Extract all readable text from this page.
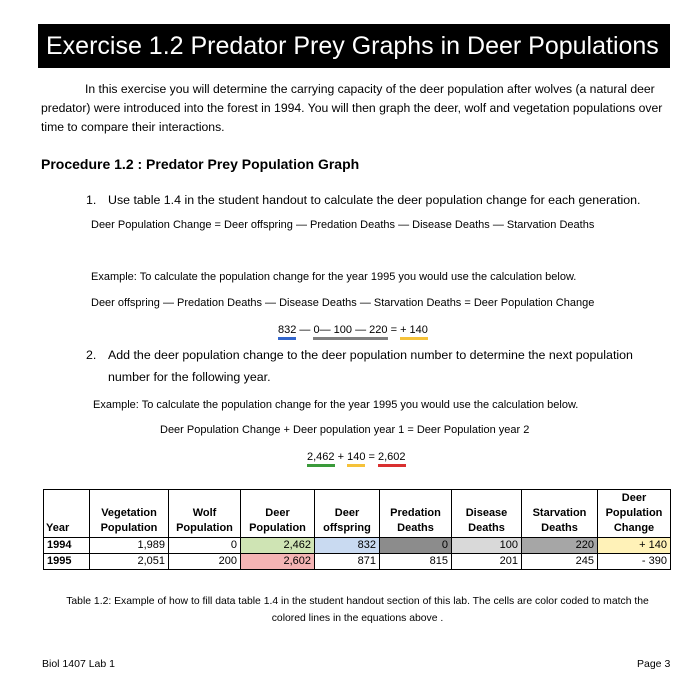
Exercise 1.2 Predator Prey Graphs in Deer Populations
In this exercise you will determine the carrying capacity of the deer population after wolves (a natural deer predator) were introduced into the forest in 1994. You will then graph the deer, wolf and vegetation populations over time to compare their interactions.
Procedure 1.2 : Predator Prey Population Graph
1. Use table 1.4 in the student handout to calculate the deer population change for each generation.
Deer Population Change = Deer offspring — Predation Deaths — Disease Deaths — Starvation Deaths
Example: To calculate the population change for the year 1995 you would use the calculation below.
Deer offspring — Predation Deaths — Disease Deaths — Starvation Deaths = Deer Population Change
832
— 0— 100 — 220
= + 140
2. Add the deer population change to the deer population number to determine the next population
number for the following year.
Example: To calculate the population change for the year 1995 you would use the calculation below.
Deer Population Change + Deer population year 1 = Deer Population year 2
2,462
+ 140
= 2,602
Year	Vegetation Population	Wolf Population	Deer Population	Deer offspring	Predation Deaths	Disease Deaths	Starvation Deaths	Deer Population Change
1994	1,989	0	2,462	832	0	100	220	+ 140
1995	2,051	200	2,602	871	815	201	245	- 390
Table 1.2: Example of how to fill data table 1.4 in the student handout section of this lab. The cells are color coded to match the colored lines in the equations above .
Biol 1407 Lab 1	Page 3
